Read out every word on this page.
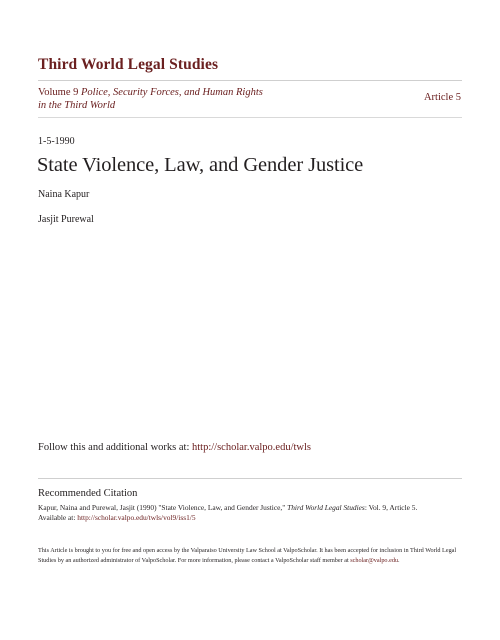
Third World Legal Studies
Volume 9 Police, Security Forces, and Human Rights in the Third World
Article 5
1-5-1990
State Violence, Law, and Gender Justice
Naina Kapur
Jasjit Purewal
Follow this and additional works at: http://scholar.valpo.edu/twls
Recommended Citation
Kapur, Naina and Purewal, Jasjit (1990) "State Violence, Law, and Gender Justice," Third World Legal Studies: Vol. 9, Article 5.
Available at: http://scholar.valpo.edu/twls/vol9/iss1/5
This Article is brought to you for free and open access by the Valparaiso University Law School at ValpoScholar. It has been accepted for inclusion in Third World Legal Studies by an authorized administrator of ValpoScholar. For more information, please contact a ValpoScholar staff member at scholar@valpo.edu.
